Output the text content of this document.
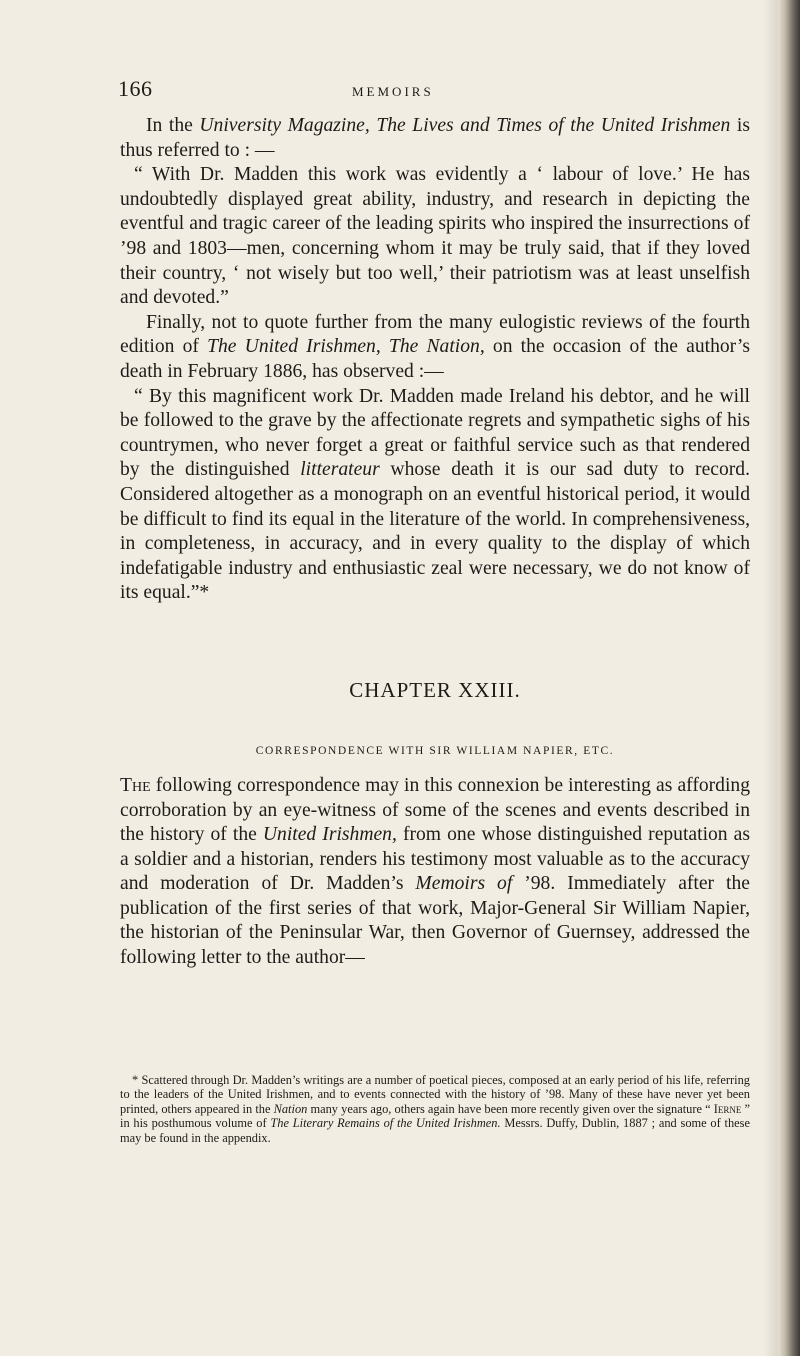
166	MEMOIRS

In the University Magazine, The Lives and Times of the United Irishmen is thus referred to : —

“ With Dr. Madden this work was evidently a ‘ labour of love.’ He has undoubtedly displayed great ability, industry, and research in depicting the eventful and tragic career of the leading spirits who inspired the insurrections of ’98 and 1803—men, concerning whom it may be truly said, that if they loved their country, ‘ not wisely but too well,’ their patriotism was at least unselfish and devoted.”

Finally, not to quote further from the many eulogistic reviews of the fourth edition of The United Irishmen, The Nation, on the occasion of the author’s death in February 1886, has observed :—

“ By this magnificent work Dr. Madden made Ireland his debtor, and he will be followed to the grave by the affectionate regrets and sympathetic sighs of his countrymen, who never forget a great or faithful service such as that rendered by the distinguished litterateur whose death it is our sad duty to record. Considered altogether as a monograph on an eventful historical period, it would be difficult to find its equal in the literature of the world. In comprehensiveness, in completeness, in accuracy, and in every quality to the display of which indefatigable industry and enthusiastic zeal were necessary, we do not know of its equal.”*

CHAPTER XXIII.
CORRESPONDENCE WITH SIR WILLIAM NAPIER, ETC.

The following correspondence may in this connexion be interesting as affording corroboration by an eye-witness of some of the scenes and events described in the history of the United Irishmen, from one whose distinguished reputation as a soldier and a historian, renders his testimony most valuable as to the accuracy and moderation of Dr. Madden’s Memoirs of ’98. Immediately after the publication of the first series of that work, Major-General Sir William Napier, the historian of the Peninsular War, then Governor of Guernsey, addressed the following letter to the author—

* Scattered through Dr. Madden’s writings are a number of poetical pieces, composed at an early period of his life, referring to the leaders of the United Irishmen, and to events connected with the history of ’98. Many of these have never yet been printed, others appeared in the Nation many years ago, others again have been more recently given over the signature “ Ierne ” in his posthumous volume of The Literary Remains of the United Irishmen. Messrs. Duffy, Dublin, 1887 ; and some of these may be found in the appendix.
